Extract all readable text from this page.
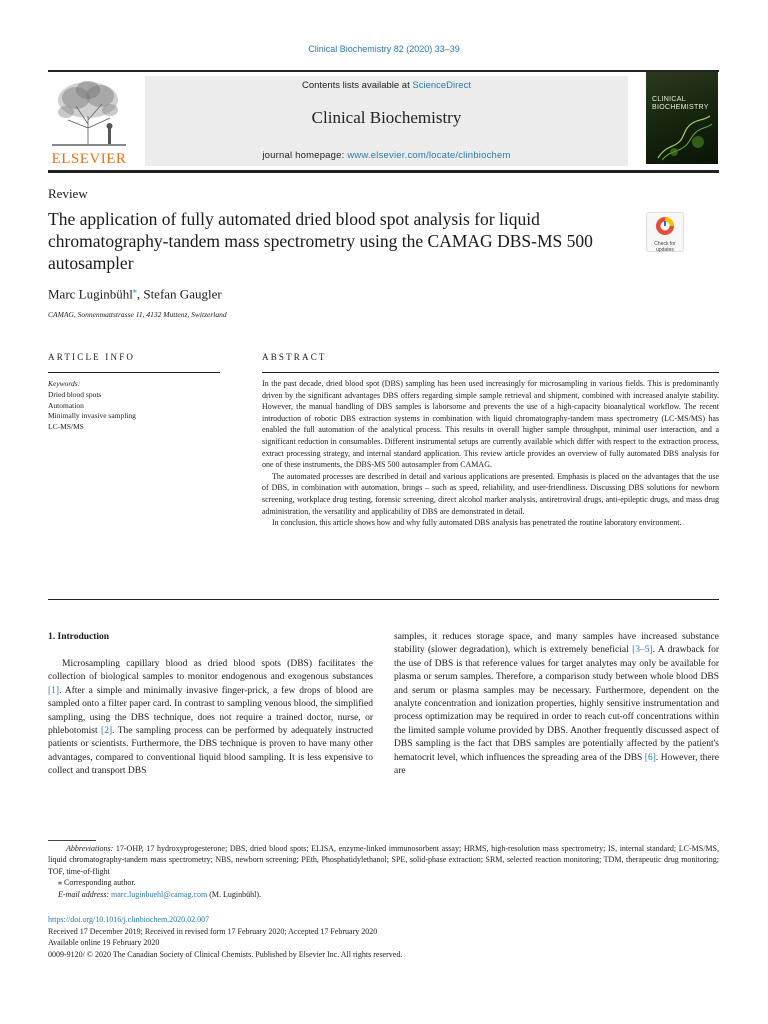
Clinical Biochemistry 82 (2020) 33–39
ELSEVIER
Contents lists available at ScienceDirect
Clinical Biochemistry
journal homepage: www.elsevier.com/locate/clinbiochem
CLINICAL
BIOCHEMISTRY
Review
The application of fully automated dried blood spot analysis for liquid chromatography-tandem mass spectrometry using the CAMAG DBS-MS 500 autosampler
Check for
updates
Marc Luginbühl⁎, Stefan Gaugler
CAMAG, Sonnenmattstrasse 11, 4132 Muttenz, Switzerland
ARTICLE INFO
Keywords:
Dried blood spots
Automation
Minimally invasive sampling
LC-MS/MS
ABSTRACT

In the past decade, dried blood spot (DBS) sampling has been used increasingly for microsampling in various fields. This is predominantly driven by the significant advantages DBS offers regarding simple sample retrieval and shipment, combined with increased analyte stability. However, the manual handling of DBS samples is laborsome and prevents the use of a high-capacity bioanalytical workflow. The recent introduction of robotic DBS extraction systems in combination with liquid chromatography-tandem mass spectrometry (LC-MS/MS) has enabled the full automation of the analytical process. This results in overall higher sample throughput, minimal user interaction, and a significant reduction in consumables. Different instrumental setups are currently available which differ with respect to the extraction process, extract processing strategy, and internal standard application. This review article provides an overview of fully automated DBS analysis for one of these instruments, the DBS-MS 500 autosampler from CAMAG.

The automated processes are described in detail and various applications are presented. Emphasis is placed on the advantages that the use of DBS, in combination with automation, brings – such as speed, reliability, and user-friendliness. Discussing DBS solutions for newborn screening, workplace drug testing, forensic screening, direct alcohol marker analysis, antiretroviral drugs, anti-epileptic drugs, and mass drug administration, the versatility and applicability of DBS are demonstrated in detail.

In conclusion, this article shows how and why fully automated DBS analysis has penetrated the routine laboratory environment.

1. Introduction

Microsampling capillary blood as dried blood spots (DBS) facilitates the collection of biological samples to monitor endogenous and exogenous substances [1]. After a simple and minimally invasive finger-prick, a few drops of blood are sampled onto a filter paper card. In contrast to sampling venous blood, the simplified sampling, using the DBS technique, does not require a trained doctor, nurse, or phlebotomist [2]. The sampling process can be performed by adequately instructed patients or scientists. Furthermore, the DBS technique is proven to have many other advantages, compared to conventional liquid blood sampling. It is less expensive to collect and transport DBS

samples, it reduces storage space, and many samples have increased substance stability (slower degradation), which is extremely beneficial [3–5]. A drawback for the use of DBS is that reference values for target analytes may only be available for plasma or serum samples. Therefore, a comparison study between whole blood DBS and serum or plasma samples may be necessary. Furthermore, dependent on the analyte concentration and ionization properties, highly sensitive instrumentation and process optimization may be required in order to reach cut-off concentrations within the limited sample volume provided by DBS. Another frequently discussed aspect of DBS sampling is the fact that DBS samples are potentially affected by the patient's hematocrit level, which influences the spreading area of the DBS [6]. However, there are

Abbreviations: 17-OHP, 17 hydroxyprogesterone; DBS, dried blood spots; ELISA, enzyme-linked immunosorbent assay; HRMS, high-resolution mass spectrometry; IS, internal standard; LC-MS/MS, liquid chromatography-tandem mass spectrometry; NBS, newborn screening; PEth, Phosphatidylethanol; SPE, solid-phase extraction; SRM, selected reaction monitoring; TDM, therapeutic drug monitoring; TOF, time-of-flight

⁎ Corresponding author.

E-mail address: marc.luginbuehl@camag.com (M. Luginbühl).

https://doi.org/10.1016/j.clinbiochem.2020.02.007
Received 17 December 2019; Received in revised form 17 February 2020; Accepted 17 February 2020
Available online 19 February 2020
0009-9120/ © 2020 The Canadian Society of Clinical Chemists. Published by Elsevier Inc. All rights reserved.
